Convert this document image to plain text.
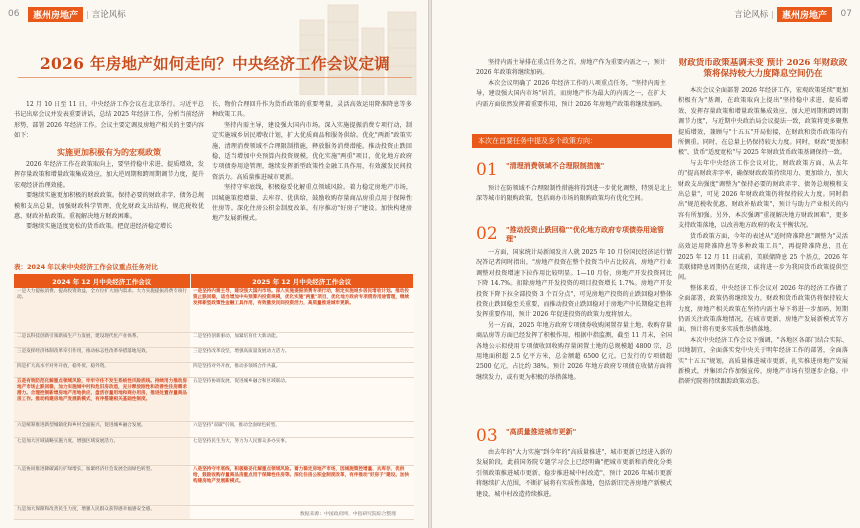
06
	惠州房地产	| 言论风标
2026 年房地产如何走向？中央经济工作会议定调

12 月 10 日至 11 日，中央经济工作会议在北京举行。习近平总书记出席会议并发表重要讲话，总结 2025 年经济工作，分析当前经济形势，部署 2026 年经济工作。会议主要定调及房地产相关的主要内容如下：

实施更加积极有为的宏观政策

2026 年经济工作在政策取向上，要坚持稳中求进、提质增效，发挥存量政策和增量政策集成效应，加大逆周期和跨周期调节力度，提升宏观经济治理效能。

要继续实施更加积极的财政政策。保持必要的财政赤字、债务总规模和支出总量，加强财政科学管理，优化财政支出结构，规范税收优惠、财政补贴政策。重视解决地方财政困难。

要继续实施适度宽松的货币政策。把促进经济稳定增长

长、物价合理回升作为货币政策的重要考量，灵活高效运用降准降息等多种政策工具。

坚持内需主导，建设强大国内市场。深入实施提振消费专项行动，制定实施城乡居民增收计划，扩大优质商品和服务供给。优化"两新"政策实施，清理消费领域不合理限制措施，释放服务消费潜能。推动投资止跌回稳，适当增加中央预算内投资规模，优化实施"两重"项目，优化地方政府专项债券用途管理，继续发挥新型政策性金融工具作用，有效激发民间投资活力。高质量推进城市更新。

坚持守牢底线，积极稳妥化解重点领域风险。着力稳定房地产市场，因城施策控增量、去库存、优供给，鼓励收购存量商品房重点用于保障性住房等。深化住房公积金制度改革，有序推动"好房子"建设。加快构建房地产发展新模式。

表：2024 年以来中央经济工作会议重点任务对比
2024 年 12 月中央经济工作会议	2025 年 12 月中央经济工作会议
一是大力提振消费、提高投资效益，全方位扩大国内需求。大力实施提振消费专项行动。	一是坚持内需主导，建设强大国内市场。深入实施提振消费专项行动，制定实施城乡居民增收计划。推动投资止跌回稳，适当增加中央预算内投资规模，优化实施"两重"项目，优化地方政府专项债券用途管理，继续发挥新型政策性金融工具作用，有效激发民间投资活力，高质量推进城市更新。
二是以科技创新引领新质生产力发展，建设现代化产业体系。	二是坚持创新驱动，加紧培育壮大新动能。
三是发挥经济体制改革牵引作用，推动标志性改革举措落地见效。	三是坚持改革攻坚，增强高质量发展动力活力。
四是扩大高水平对外开放，稳外贸、稳外资。	四是坚持对外开放，推动多领域合作共赢。
五是有效防范化解重点领域风险，牢牢守住不发生系统性风险底线。持续用力推动房地产市场止跌回稳，加力实施城中村和危旧房改造，充分释放刚性和改善性住房需求潜力。合理控制新增房地产用地供应，盘活存量用地和商办用房，推进处置存量商品房工作。推动构建房地产发展新模式，有序搭建相关基础性制度。	五是坚持协调发展，促进城乡融合和区域联动。
六是统筹推进新型城镇化和乡村全面振兴，促进城乡融合发展。	六是坚持"双碳"引领，推动全面绿色转型。
七是加大区域战略实施力度，增强区域发展活力。	七是坚持民生为大，努力为人民群众多办实事。
八是协同推进降碳减污扩绿增长，加紧经济社会发展全面绿色转型。	八是坚持守牢底线，积极稳妥化解重点领域风险。着力稳定房地产市场，因城施策控增量、去库存、优供给，鼓励收购存量商品房重点用于保障性住房等。深化住房公积金制度改革，有序推动"好房子"建设。加快构建房地产发展新模式。
九是加大保障和改善民生力度，增强人民群众获得感幸福感安全感。	
数据来源：中国政府网、中指研究院综合整理
言论风标 | 惠州房地产
	07

坚持内需主导排在重点任务之首，房地产作为重要内需之一，预计 2026 年政策将继续加码。

本次会议明确了 2026 年经济工作的八项重点任务，"坚持内需主导，建设强大国内市场"居首，而房地产作为最大的内需之一，在扩大内需方面依然发挥着重要作用，预计 2026 年房地产政策将继续加码。

本次在首要任务中提及多个政策方向：
01 "清理消费领域不合理限制措施"

预计在防领域不合理限制性措施将得到进一步优化调整，特别是北上深等城市的限购政策，包括商办市场的限购政策均有优化空间。

02 "推动投资止跌回稳""优化地方政府专项债券用途管理"

一方面，国家统计局新闻发言人就 2025 年 10 月份国民经济运行情况答记者问时指出，"房地产投资在整个投资当中占比较高，房地产行业调整对投资增速下拉作用比较明显。1—10 月份，房地产开发投资同比下降 14.7%。扣除房地产开发投资的项目投资增长 1.7%。房地产开发投资下降下拉全部投资 3 个百分点"，可见房地产投资的止跌回稳对整体投资止跌回稳至关重要，而推动投资止跌回稳对于房地产中长期稳定也将发挥重要作用，预计 2026 年促进投资的政策力度将加大。

另一方面，2025 年地方政府专项债券收购闲置存量土地、收购存量商品房等方面已经发挥了积极作用，根据中指监测，截至 11 月末，全国各地公示拟使用专项债收回收购存量闲置土地的总规模超 4800 宗，总用地面积超 2.5 亿平方米，总金额超 6500 亿元。已发行的专项债超 2500 亿元，占比约 38%。预计 2026 年地方政府专项债在收储方面将继续发力，或有更为积极的举措落地。

03 "高质量推进城市更新"

由去年的"大力实施"到今年的"高质量推进"，城市更新已经进入新的发展阶段，此前国务院专题学习会上已经明确"把城市更新和消费化分类引领政策推进城市更新、稳步推进城中村改造"，预计 2026 年城市更新将继续扩大范围，不断扩展将有实质性落地，包括新旧完善房地产新模式建设，城中村改造持续推进。

财政货币政策基调未变 预计 2026 年财政政策将保持较大力度降息空间仍在

本次会议全面部署 2026 年经济工作，宏观政策延续"更加积极有为"基调，在政策取向上提出"坚持稳中求进、提质增效，发挥存量政策和增量政策集成效应，加大逆周期和跨周期调节力度"，与近期中央政治局会议提法一致，政策将更多聚焦提质增效，兼顾与"十五五"开局衔接，在财政和货币政策均有所侧重。同时，在总量上仍保持较大力度。同时，财政"更加积极"、货币"适度宽松"与 2025 年财政货币政策基调保持一致。

与去年中央经济工作会议对比，财政政策方面，从去年的"提高财政赤字率，确保财政政策持续用力、更加给力，加大财政支出强度"调整为"保持必要的财政赤字、债务总规模和支出总量"，可见 2026 年财政政策仍将保持较大力度。同时指出"规范税收优惠、财政补贴政策"，预计与助力产业相关的内容有所加强。另外，本次强调"重视解决地方财政困难"，更多支持政策落地，以改善地方政府的收支平衡状况。

货币政策方面，今年的表述从"适时降准降息"调整为"灵活高效运用降准降息等多种政策工具"，再提降准降息，且在 2025 年 12 月 11 日或前，美联储降息 25 个基点，2026 年美联储降息周期仍在延续，或将进一步为我国货币政策提供空间。

整体来看，中央经济工作会议对 2026 年的经济工作做了全面部署，政策仍将继续发力，财政和货币政策仍将保持较大力度，房地产相关政策在坚持内需主导下将进一步加码，短期仍需关注政策落地情况，在城市更新、房地产发展新模式等方面，预计将有更多实质性举措落地。

本次中央经济工作会议下强调，"各地区各部门结合实际、因地制宜，全面落实党中央关于明年经济工作的部署，全面落实"十五五"规划，高质量推进城市更新，扎实推进房地产发展新模式，并集团合作加强宣传，房地产市场有望逐步企稳。中指研究院将持续跟踪政策动态。
